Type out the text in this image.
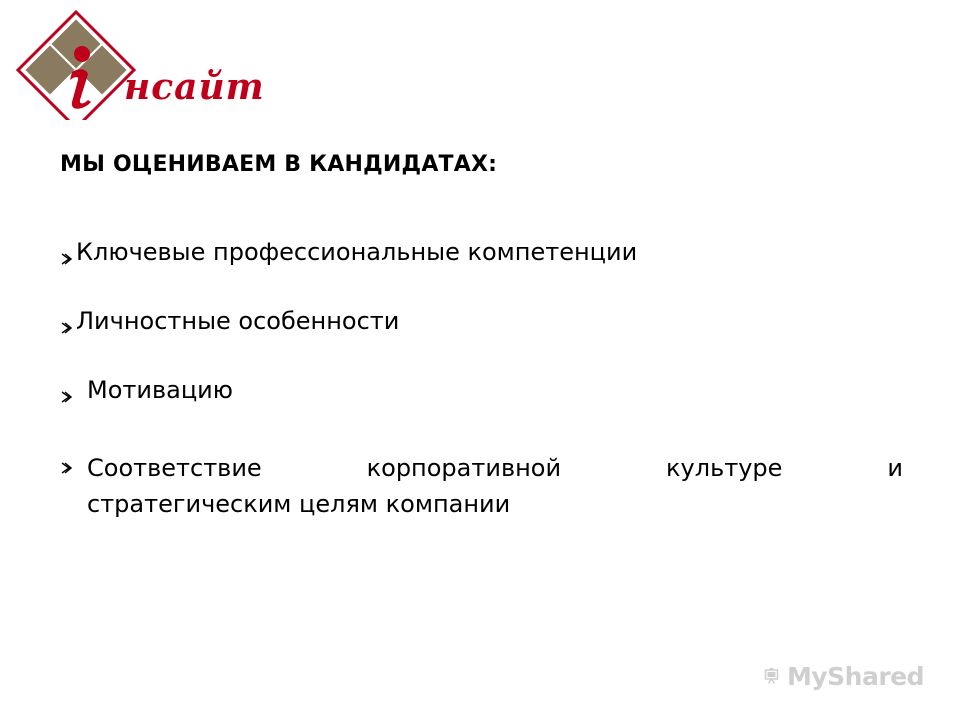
нсайт
МЫ ОЦЕНИВАЕМ В КАНДИДАТАХ:
Ключевые профессиональные компетенции
Личностные особенности
Мотивацию
Соответствие	корпоративной	культуре	и
стратегическим целям компании
MyShared
